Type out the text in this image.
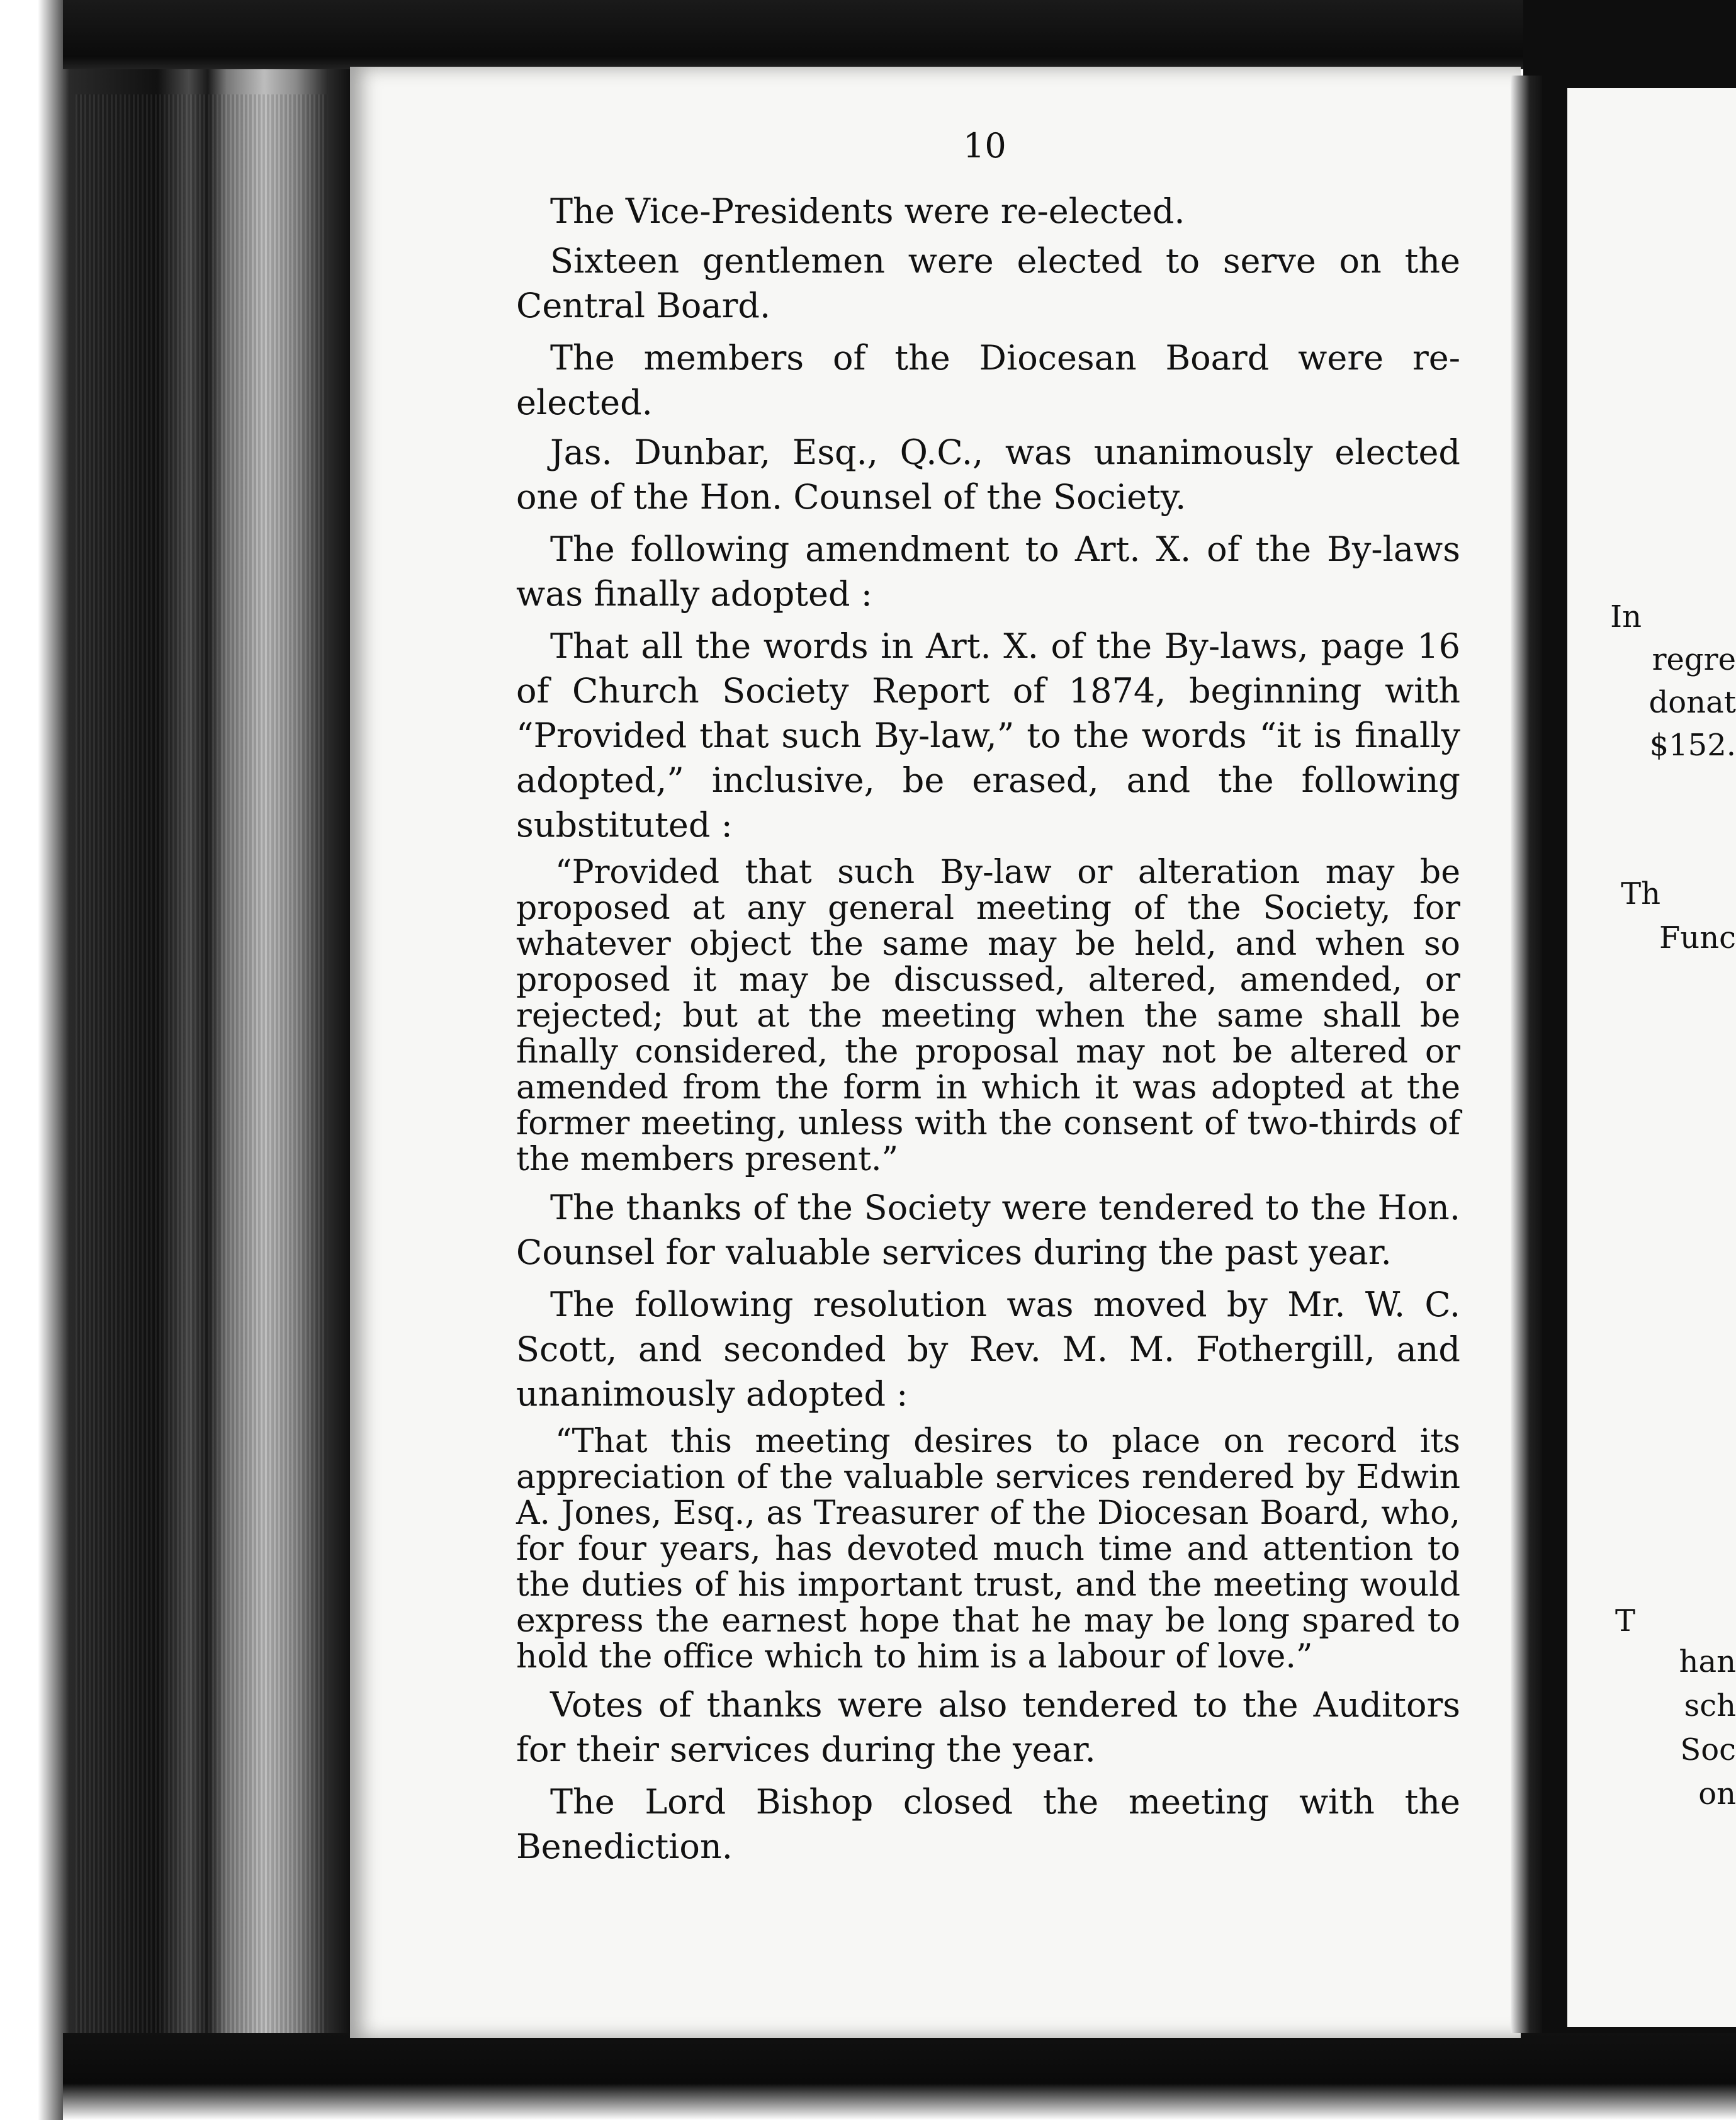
In
regre
donat
$152.
Th
Func
T
han
sch
Soc
on
10

The Vice-Presidents were re-elected.

Sixteen gentlemen were elected to serve on the Central Board.

The members of the Diocesan Board were re-elected.

Jas. Dunbar, Esq., Q.C., was unanimously elected one of the Hon. Counsel of the Society.

The following amendment to Art. X. of the By-laws was finally adopted :

That all the words in Art. X. of the By-laws, page 16 of Church Society Report of 1874, beginning with “Provided that such By-law,” to the words “it is finally adopted,” inclusive, be erased, and the following substituted :

“Provided that such By-law or alteration may be proposed at any general meeting of the Society, for whatever object the same may be held, and when so proposed it may be discussed, altered, amended, or rejected; but at the meeting when the same shall be finally considered, the proposal may not be altered or amended from the form in which it was adopted at the former meeting, unless with the consent of two-thirds of the members present.”

The thanks of the Society were tendered to the Hon. Counsel for valuable services during the past year.

The following resolution was moved by Mr. W. C. Scott, and seconded by Rev. M. M. Fothergill, and unanimously adopted :

“That this meeting desires to place on record its appreciation of the valuable services rendered by Edwin A. Jones, Esq., as Treasurer of the Diocesan Board, who, for four years, has devoted much time and attention to the duties of his important trust, and the meeting would express the earnest hope that he may be long spared to hold the office which to him is a labour of love.”

Votes of thanks were also tendered to the Auditors for their services during the year.

The Lord Bishop closed the meeting with the Benediction.
